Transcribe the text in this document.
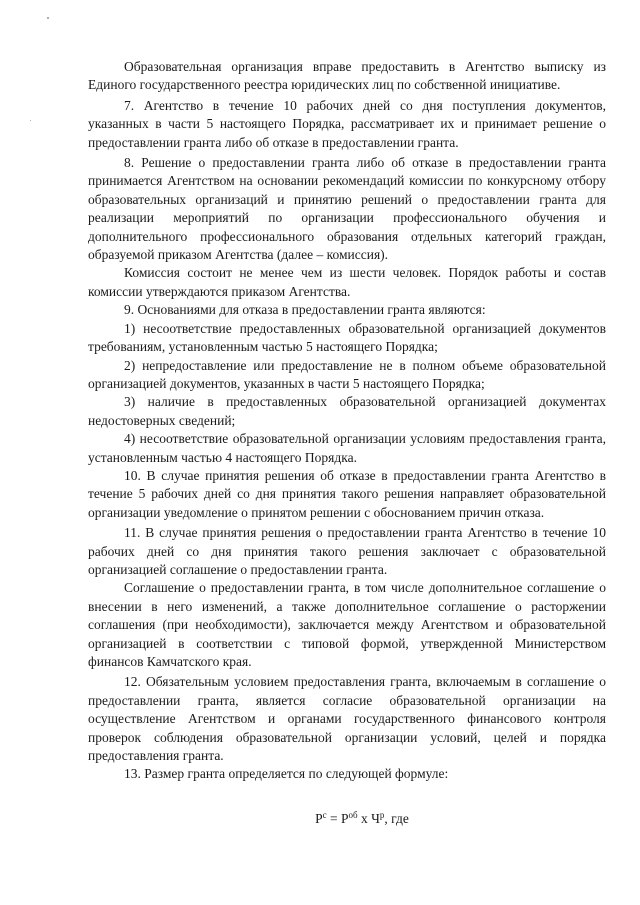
Образовательная организация вправе предоставить в Агентство выписку из Единого государственного реестра юридических лиц по собственной инициативе.

7. Агентство в течение 10 рабочих дней со дня поступления документов, указанных в части 5 настоящего Порядка, рассматривает их и принимает решение о предоставлении гранта либо об отказе в предоставлении гранта.

8. Решение о предоставлении гранта либо об отказе в предоставлении гранта принимается Агентством на основании рекомендаций комиссии по конкурсному отбору образовательных организаций и принятию решений о предоставлении гранта для реализации мероприятий по организации профессионального обучения и дополнительного профессионального образования отдельных категорий граждан, образуемой приказом Агентства (далее – комиссия).

Комиссия состоит не менее чем из шести человек. Порядок работы и состав комиссии утверждаются приказом Агентства.

9. Основаниями для отказа в предоставлении гранта являются:

1) несоответствие предоставленных образовательной организацией документов требованиям, установленным частью 5 настоящего Порядка;

2) непредоставление или предоставление не в полном объеме образовательной организацией документов, указанных в части 5 настоящего Порядка;

3) наличие в предоставленных образовательной организацией документах недостоверных сведений;

4) несоответствие образовательной организации условиям предоставления гранта, установленным частью 4 настоящего Порядка.

10. В случае принятия решения об отказе в предоставлении гранта Агентство в течение 5 рабочих дней со дня принятия такого решения направляет образовательной организации уведомление о принятом решении с обоснованием причин отказа.

11. В случае принятия решения о предоставлении гранта Агентство в течение 10 рабочих дней со дня принятия такого решения заключает с образовательной организацией соглашение о предоставлении гранта.

Соглашение о предоставлении гранта, в том числе дополнительное соглашение о внесении в него изменений, а также дополнительное соглашение о расторжении соглашения (при необходимости), заключается между Агентством и образовательной организацией в соответствии с типовой формой, утвержденной Министерством финансов Камчатского края.

12. Обязательным условием предоставления гранта, включаемым в соглашение о предоставлении гранта, является согласие образовательной организации на осуществление Агентством и органами государственного финансового контроля проверок соблюдения образовательной организации условий, целей и порядка предоставления гранта.

13. Размер гранта определяется по следующей формуле:

$Р^с = Р^{об}$ х $Ч^р$, где
